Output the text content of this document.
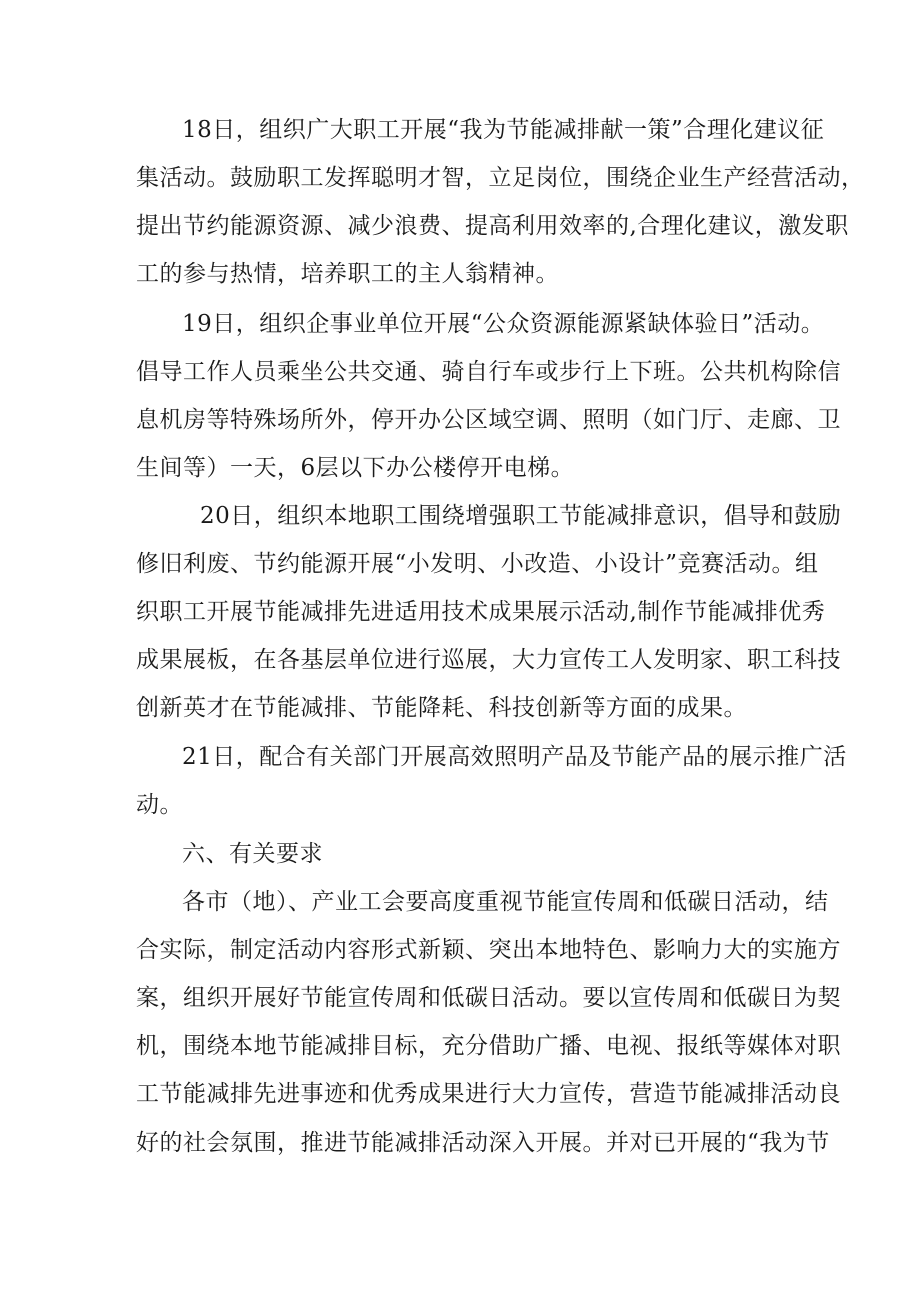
18日，组织广大职工开展“我为节能减排献一策”合理化建议征
集活动。鼓励职工发挥聪明才智，立足岗位，围绕企业生产经营活动，
提出节约能源资源、减少浪费、提高利用效率的,合理化建议，激发职
工的参与热情，培养职工的主人翁精神。
19日，组织企事业单位开展“公众资源能源紧缺体验日”活动。
倡导工作人员乘坐公共交通、骑自行车或步行上下班。公共机构除信
息机房等特殊场所外，停开办公区域空调、照明（如门厅、走廊、卫
生间等）一天，6层以下办公楼停开电梯。
20日，组织本地职工围绕增强职工节能减排意识，倡导和鼓励
修旧利废、节约能源开展“小发明、小改造、小设计”竞赛活动。组
织职工开展节能减排先进适用技术成果展示活动,制作节能减排优秀
成果展板，在各基层单位进行巡展，大力宣传工人发明家、职工科技
创新英才在节能减排、节能降耗、科技创新等方面的成果。
21日，配合有关部门开展高效照明产品及节能产品的展示推广活
动。
六、有关要求
各市（地）、产业工会要高度重视节能宣传周和低碳日活动，结
合实际，制定活动内容形式新颖、突出本地特色、影响力大的实施方
案，组织开展好节能宣传周和低碳日活动。要以宣传周和低碳日为契
机，围绕本地节能减排目标，充分借助广播、电视、报纸等媒体对职
工节能减排先进事迹和优秀成果进行大力宣传，营造节能减排活动良
好的社会氛围，推进节能减排活动深入开展。并对已开展的“我为节
